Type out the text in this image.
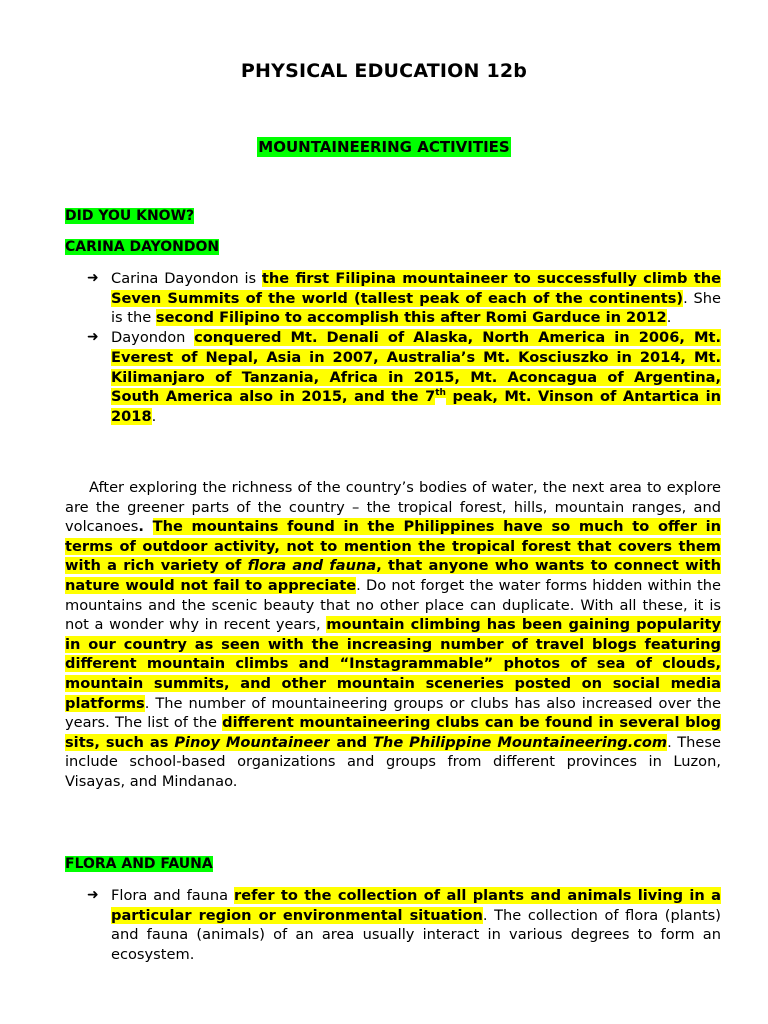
PHYSICAL EDUCATION 12b
MOUNTAINEERING ACTIVITIES
DID YOU KNOW?
CARINA DAYONDON
➜ Carina Dayondon is the first Filipina mountaineer to successfully climb the Seven Summits of the world (tallest peak of each of the continents). She is the second Filipino to accomplish this after Romi Garduce in 2012.
➜ Dayondon conquered Mt. Denali of Alaska, North America in 2006, Mt. Everest of Nepal, Asia in 2007, Australia’s Mt. Kosciuszko in 2014, Mt. Kilimanjaro of Tanzania, Africa in 2015, Mt. Aconcagua of Argentina, South America also in 2015, and the 7th peak, Mt. Vinson of Antartica in 2018.

After exploring the richness of the country’s bodies of water, the next area to explore are the greener parts of the country – the tropical forest, hills, mountain ranges, and volcanoes. The mountains found in the Philippines have so much to offer in terms of outdoor activity, not to mention the tropical forest that covers them with a rich variety of flora and fauna, that anyone who wants to connect with nature would not fail to appreciate. Do not forget the water forms hidden within the mountains and the scenic beauty that no other place can duplicate. With all these, it is not a wonder why in recent years, mountain climbing has been gaining popularity in our country as seen with the increasing number of travel blogs featuring different mountain climbs and “Instagrammable” photos of sea of clouds, mountain summits, and other mountain sceneries posted on social media platforms. The number of mountaineering groups or clubs has also increased over the years. The list of the different mountaineering clubs can be found in several blog sits, such as Pinoy Mountaineer and The Philippine Mountaineering.com. These include school-based organizations and groups from different provinces in Luzon, Visayas, and Mindanao.

FLORA AND FAUNA
➜ Flora and fauna refer to the collection of all plants and animals living in a particular region or environmental situation. The collection of flora (plants) and fauna (animals) of an area usually interact in various degrees to form an ecosystem.
